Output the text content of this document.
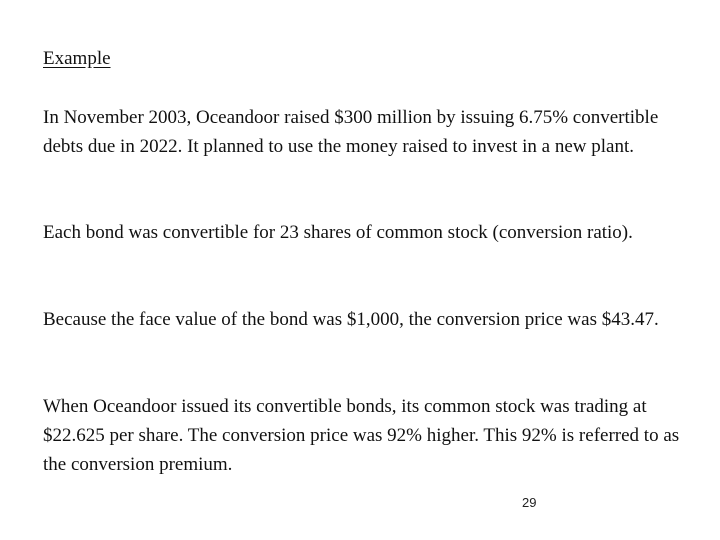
Example

In November 2003, Oceandoor raised $300 million by issuing 6.75% convertible debts due in 2022. It planned to use the money raised to invest in a new plant.

Each bond was convertible for 23 shares of common stock (conversion ratio).

Because the face value of the bond was $1,000, the conversion price was $43.47.

When Oceandoor issued its convertible bonds, its common stock was trading at $22.625 per share. The conversion price was 92% higher. This 92% is referred to as the conversion premium.

29
